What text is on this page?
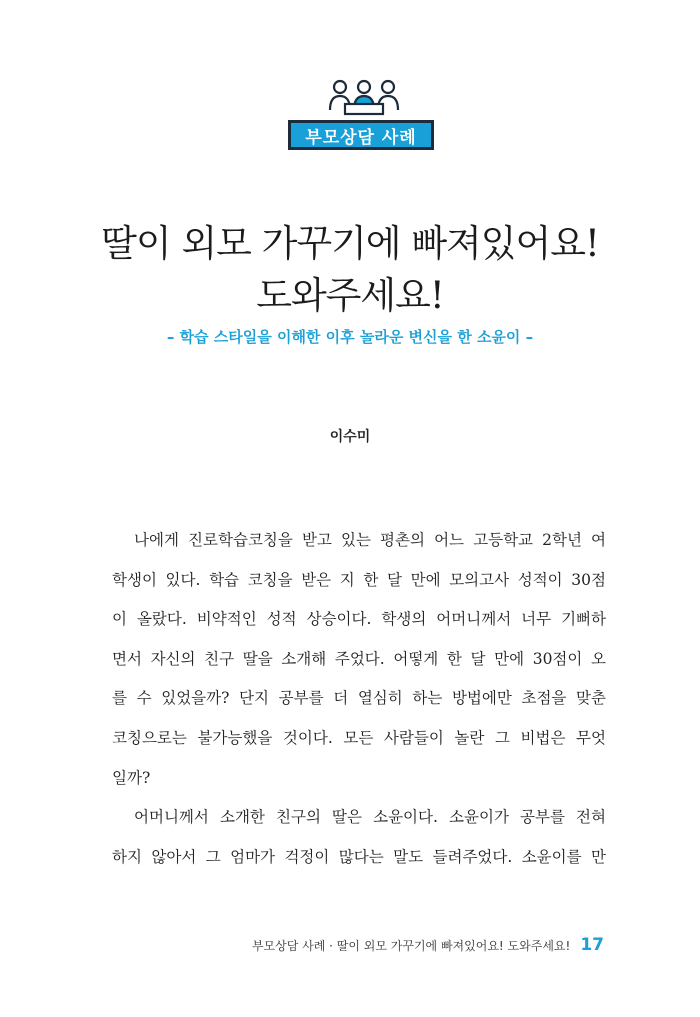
부모상담 사례
딸이 외모 가꾸기에 빠져있어요!
도와주세요!
– 학습 스타일을 이해한 이후 놀라운 변신을 한 소윤이 –
이수미
나에게 진로학습코칭을 받고 있는 평촌의 어느 고등학교 2학년 여
학생이 있다. 학습 코칭을 받은 지 한 달 만에 모의고사 성적이 30점
이 올랐다. 비약적인 성적 상승이다. 학생의 어머니께서 너무 기뻐하
면서 자신의 친구 딸을 소개해 주었다. 어떻게 한 달 만에 30점이 오
를 수 있었을까? 단지 공부를 더 열심히 하는 방법에만 초점을 맞춘
코칭으로는 불가능했을 것이다. 모든 사람들이 놀란 그 비법은 무엇
일까?
어머니께서 소개한 친구의 딸은 소윤이다. 소윤이가 공부를 전혀
하지 않아서 그 엄마가 걱정이 많다는 말도 들려주었다. 소윤이를 만
부모상담 사례 · 딸이 외모 가꾸기에 빠져있어요! 도와주세요! 17
